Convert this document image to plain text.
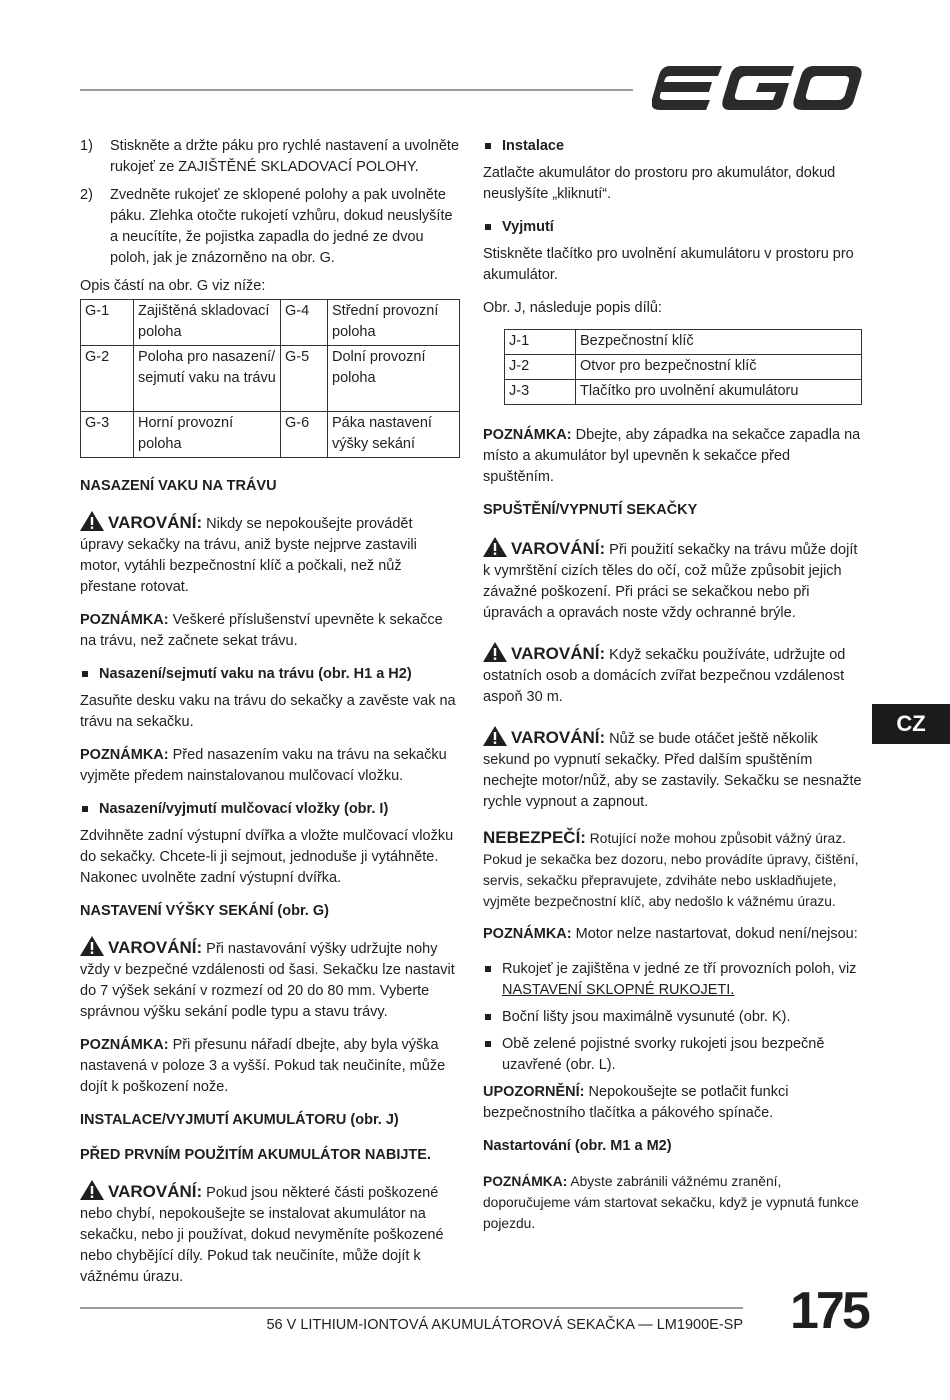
1)	Stiskněte a držte páku pro rychlé nastavení a uvolněte rukojeť ze ZAJIŠTĚNÉ SKLADOVACÍ POLOHY.
2)	Zvedněte rukojeť ze sklopené polohy a pak uvolněte páku. Zlehka otočte rukojetí vzhůru, dokud neuslyšíte a neucítíte, že pojistka zapadla do jedné ze dvou poloh, jak je znázorněno na obr. G.

Opis částí na obr. G viz níže:

G-1	Zajištěná skladovací poloha	G-4	Střední provozní poloha
G-2	Poloha pro nasazení/ sejmutí vaku na trávu	G-5	Dolní provozní poloha
G-3	Horní provozní poloha	G-6	Páka nastavení výšky sekání

NASAZENÍ VAKU NA TRÁVU

VAROVÁNÍ: Nikdy se nepokoušejte provádět úpravy sekačky na trávu, aniž byste nejprve zastavili motor, vytáhli bezpečnostní klíč a počkali, než nůž přestane rotovat.

POZNÁMKA: Veškeré příslušenství upevněte k sekačce na trávu, než začnete sekat trávu.

Nasazení/sejmutí vaku na trávu (obr. H1 a H2)

Zasuňte desku vaku na trávu do sekačky a zavěste vak na trávu na sekačku.

POZNÁMKA: Před nasazením vaku na trávu na sekačku vyjměte předem nainstalovanou mulčovací vložku.

Nasazení/vyjmutí mulčovací vložky (obr. I)

Zdvihněte zadní výstupní dvířka a vložte mulčovací vložku do sekačky. Chcete-li ji sejmout, jednoduše ji vytáhněte. Nakonec uvolněte zadní výstupní dvířka.

NASTAVENÍ VÝŠKY SEKÁNÍ (obr. G)

VAROVÁNÍ: Při nastavování výšky udržujte nohy vždy v bezpečné vzdálenosti od šasi. Sekačku lze nastavit do 7 výšek sekání v rozmezí od 20 do 80 mm. Vyberte správnou výšku sekání podle typu a stavu trávy.

POZNÁMKA: Při přesunu nářadí dbejte, aby byla výška nastavená v poloze 3 a vyšší. Pokud tak neučiníte, může dojít k poškození nože.

INSTALACE/VYJMUTÍ AKUMULÁTORU (obr. J)

PŘED PRVNÍM POUŽITÍM AKUMULÁTOR NABIJTE.

VAROVÁNÍ: Pokud jsou některé části poškozené nebo chybí, nepokoušejte se instalovat akumulátor na sekačku, nebo ji používat, dokud nevyměníte poškozené nebo chybějící díly. Pokud tak neučiníte, může dojít k vážnému úrazu.

Instalace

Zatlačte akumulátor do prostoru pro akumulátor, dokud neuslyšíte „kliknutí“.

Vyjmutí

Stiskněte tlačítko pro uvolnění akumulátoru v prostoru pro akumulátor.

Obr. J, následuje popis dílů:

J-1	Bezpečnostní klíč
J-2	Otvor pro bezpečnostní klíč
J-3	Tlačítko pro uvolnění akumulátoru

POZNÁMKA: Dbejte, aby západka na sekačce zapadla na místo a akumulátor byl upevněn k sekačce před spuštěním.

SPUŠTĚNÍ/VYPNUTÍ SEKAČKY

VAROVÁNÍ: Při použití sekačky na trávu může dojít k vymrštění cizích těles do očí, což může způsobit jejich závažné poškození. Při práci se sekačkou nebo při úpravách a opravách noste vždy ochranné brýle.

VAROVÁNÍ: Když sekačku používáte, udržujte od ostatních osob a domácích zvířat bezpečnou vzdálenost aspoň 30 m.

VAROVÁNÍ: Nůž se bude otáčet ještě několik sekund po vypnutí sekačky. Před dalším spuštěním nechejte motor/nůž, aby se zastavily. Sekačku se nesnažte rychle vypnout a zapnout.

NEBEZPEČÍ: Rotující nože mohou způsobit vážný úraz. Pokud je sekačka bez dozoru, nebo provádíte úpravy, čištění, servis, sekačku přepravujete, zdviháte nebo uskladňujete, vyjměte bezpečnostní klíč, aby nedošlo k vážnému úrazu.

POZNÁMKA: Motor nelze nastartovat, dokud není/nejsou:

Rukojeť je zajištěna v jedné ze tří provozních poloh, viz NASTAVENÍ SKLOPNÉ RUKOJETI.
Boční lišty jsou maximálně vysunuté (obr. K).
Obě zelené pojistné svorky rukojeti jsou bezpečně uzavřené (obr. L).

UPOZORNĚNÍ: Nepokoušejte se potlačit funkci bezpečnostního tlačítka a pákového spínače.

Nastartování (obr. M1 a M2)

POZNÁMKA: Abyste zabránili vážnému zranění, doporučujeme vám startovat sekačku, když je vypnutá funkce pojezdu.

CZ
56 V LITHIUM-IONTOVÁ AKUMULÁTOROVÁ SEKAČKA — LM1900E-SP 175
